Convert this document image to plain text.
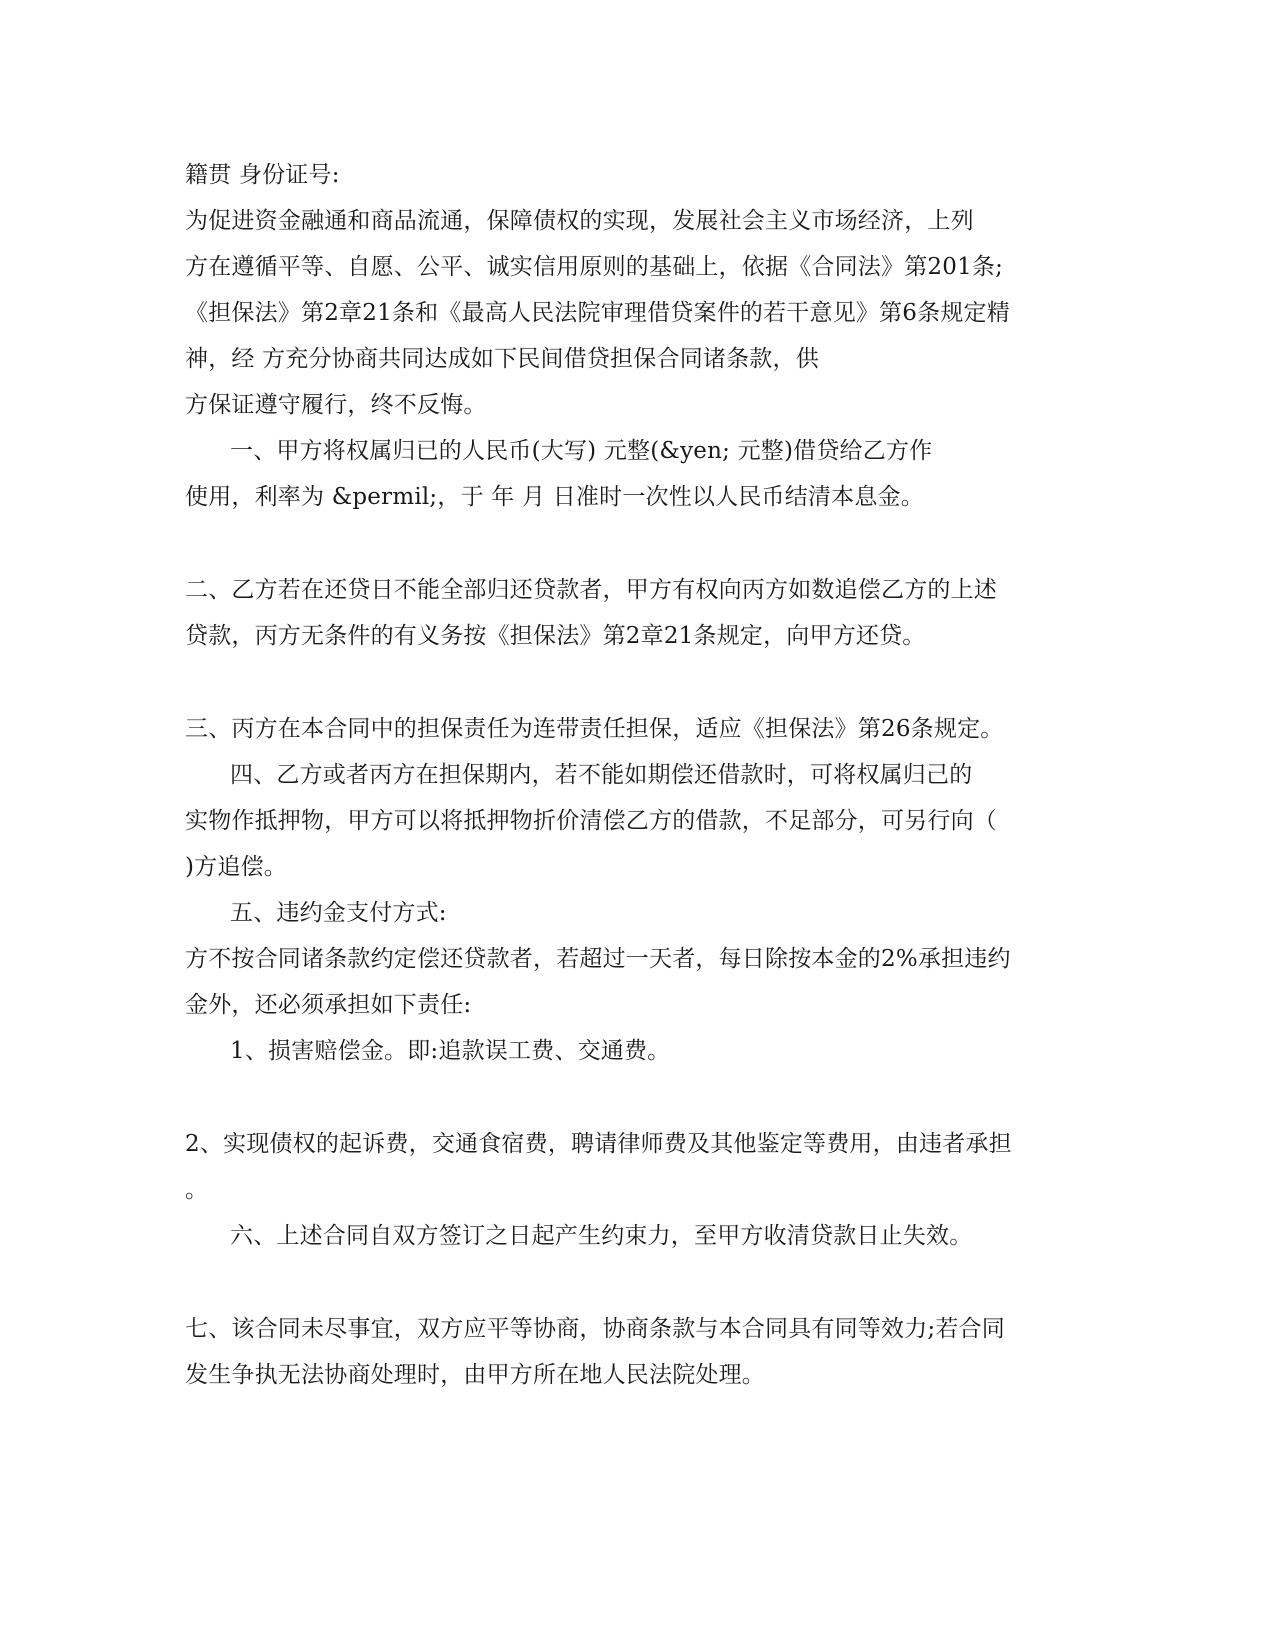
籍贯 身份证号:
为促进资金融通和商品流通，保障债权的实现，发展社会主义市场经济，上列
方在遵循平等、自愿、公平、诚实信用原则的基础上，依据《合同法》第201条;
《担保法》第2章21条和《最高人民法院审理借贷案件的若干意见》第6条规定精
神，经 方充分协商共同达成如下民间借贷担保合同诸条款，供
方保证遵守履行，终不反悔。
一、甲方将权属归已的人民币(大写) 元整(&yen; 元整)借贷给乙方作
使用，利率为 &permil;，于 年 月 日准时一次性以人民币结清本息金。
二、乙方若在还贷日不能全部归还贷款者，甲方有权向丙方如数追偿乙方的上述
贷款，丙方无条件的有义务按《担保法》第2章21条规定，向甲方还贷。
三、丙方在本合同中的担保责任为连带责任担保，适应《担保法》第26条规定。
四、乙方或者丙方在担保期内，若不能如期偿还借款时，可将权属归己的
实物作抵押物，甲方可以将抵押物折价清偿乙方的借款，不足部分，可另行向（
)方追偿。
五、违约金支付方式:
方不按合同诸条款约定偿还贷款者，若超过一天者，每日除按本金的2%承担违约
金外，还必须承担如下责任:
1、损害赔偿金。即:追款误工费、交通费。
2、实现债权的起诉费，交通食宿费，聘请律师费及其他鉴定等费用，由违者承担
。
六、上述合同自双方签订之日起产生约束力，至甲方收清贷款日止失效。
七、该合同未尽事宜，双方应平等协商，协商条款与本合同具有同等效力;若合同
发生争执无法协商处理时，由甲方所在地人民法院处理。
